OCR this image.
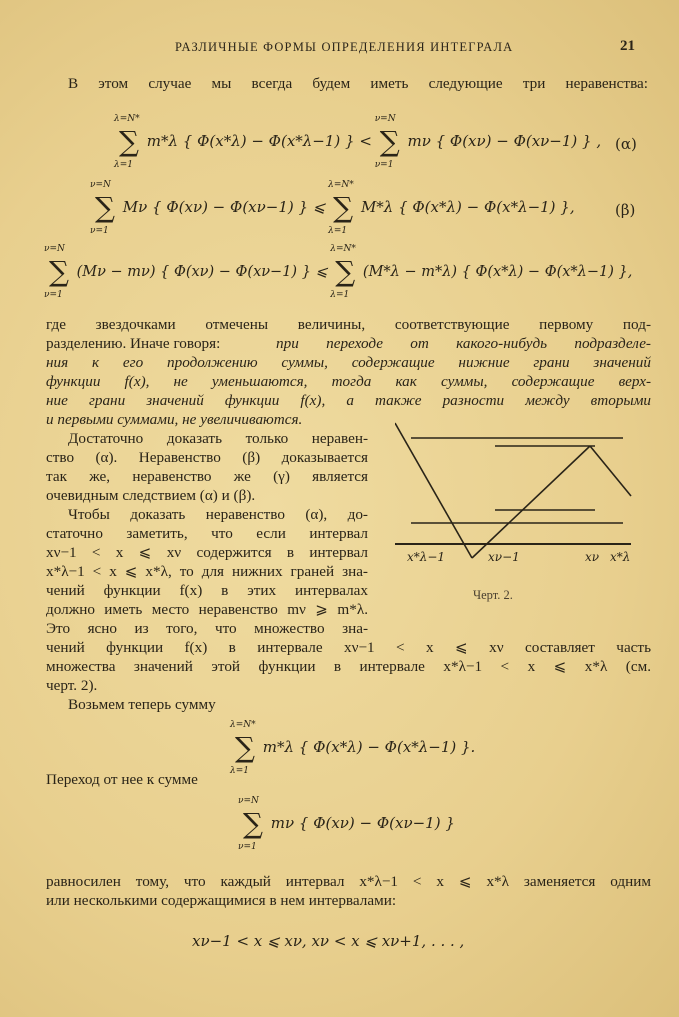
РАЗЛИЧНЫЕ ФОРМЫ ОПРЕДЕЛЕНИЯ ИНТЕГРАЛА	21
В этом случае мы всегда будем иметь следующие три неравенства:
λ=N*
∑
λ=1
m*λ { Φ(x*λ) − Φ(x*λ−1) } <
ν=N
∑
ν=1
mν { Φ(xν) − Φ(xν−1) } , (α)
ν=N
∑
ν=1
Mν { Φ(xν) − Φ(xν−1) } ⩽
λ=N*
∑
λ=1
M*λ { Φ(x*λ) − Φ(x*λ−1) },	(β)
ν=N
∑
ν=1
(Mν − mν) { Φ(xν) − Φ(xν−1) } ⩽
λ=N*
∑
λ=1
(M*λ − m*λ) { Φ(x*λ) − Φ(x*λ−1) },
где звездочками отмечены величины, соответствующие первому под-
разделению. Иначе говоря:	при переходе от какого-нибудь подразделе-
ния к его продолжению суммы, содержащие нижние грани значений
функции f(x), не уменьшаются, тогда как суммы, содержащие верх-
ние грани значений функции f(x), а также разности между вторыми
и первыми суммами, не увеличиваются.
Достаточно доказать только неравен-
ство (α). Неравенство (β) доказывается
так же, неравенство же (γ) является
очевидным следствием (α) и (β).
Чтобы доказать неравенство (α), до-
статочно заметить, что если интервал
xν−1 < x ⩽ xν содержится в интервал
x*λ−1 < x ⩽ x*λ, то для нижних граней зна-
чений функции f(x) в этих интервалах
должно иметь место неравенство mν ⩾ m*λ.
Это ясно из того, что множество зна-
чений функции f(x) в интервале xν−1 < x ⩽ xν составляет часть
множества значений этой функции в интервале x*λ−1 < x ⩽ x*λ (см.
черт. 2).
x*λ−1	xν−1	xν x*λ
Черт. 2.
Возьмем теперь сумму
λ=N*
∑
λ=1
m*λ { Φ(x*λ) − Φ(x*λ−1) }.
Переход от нее к сумме
ν=N
∑
ν=1
mν { Φ(xν) − Φ(xν−1) }
равносилен тому, что каждый интервал x*λ−1 < x ⩽ x*λ заменяется одним
или несколькими содержащимися в нем интервалами:
xν−1 < x ⩽ xν, xν < x ⩽ xν+1, . . . ,
